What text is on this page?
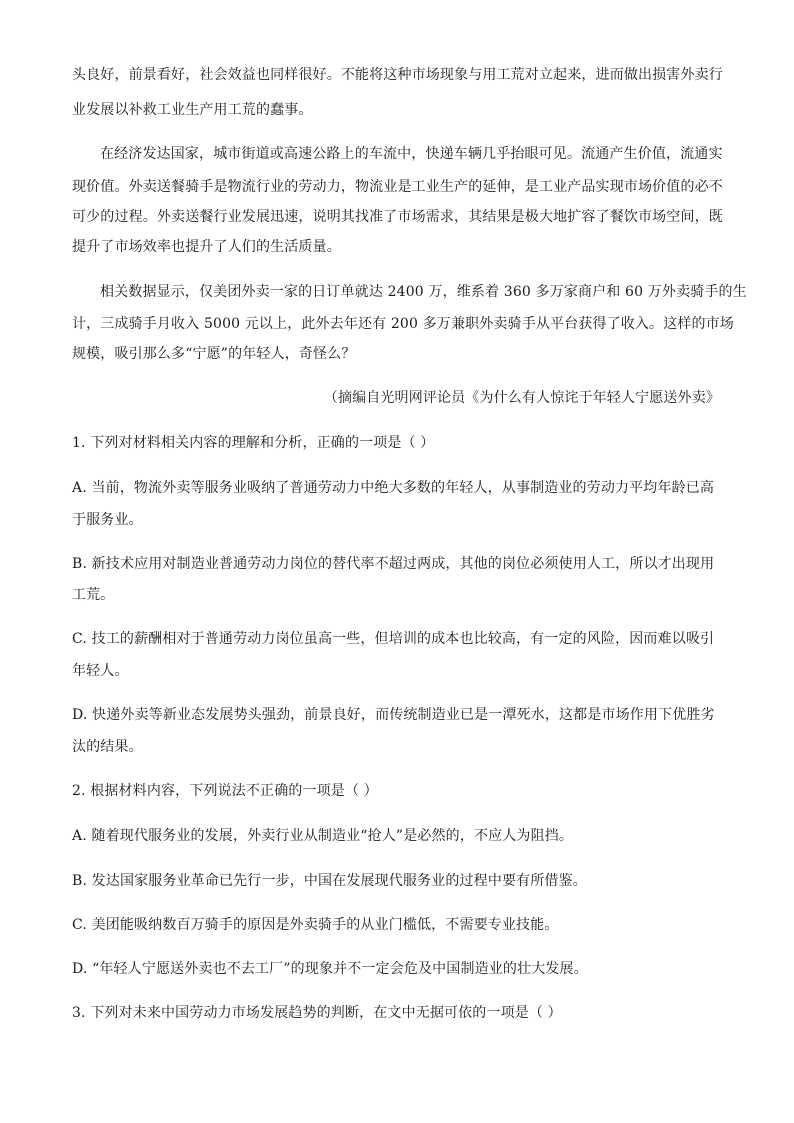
头良好，前景看好，社会效益也同样很好。不能将这种市场现象与用工荒对立起来，进而做出损害外卖行
业发展以补救工业生产用工荒的蠢事。
在经济发达国家，城市街道或高速公路上的车流中，快递车辆几乎抬眼可见。流通产生价值，流通实
现价值。外卖送餐骑手是物流行业的劳动力，物流业是工业生产的延伸，是工业产品实现市场价值的必不
可少的过程。外卖送餐行业发展迅速，说明其找准了市场需求，其结果是极大地扩容了餐饮市场空间，既
提升了市场效率也提升了人们的生活质量。
相关数据显示，仅美团外卖一家的日订单就达 2400 万，维系着 360 多万家商户和 60 万外卖骑手的生
计，三成骑手月收入 5000 元以上，此外去年还有 200 多万兼职外卖骑手从平台获得了收入。这样的市场
规模，吸引那么多“宁愿”的年轻人，奇怪么？
（摘编自光明网评论员《为什么有人惊诧于年轻人宁愿送外卖》
1. 下列对材料相关内容的理解和分析，正确的一项是（ ）
A. 当前，物流外卖等服务业吸纳了普通劳动力中绝大多数的年轻人，从事制造业的劳动力平均年龄已高
于服务业。
B. 新技术应用对制造业普通劳动力岗位的替代率不超过两成，其他的岗位必须使用人工，所以才出现用
工荒。
C. 技工的薪酬相对于普通劳动力岗位虽高一些，但培训的成本也比较高，有一定的风险，因而难以吸引
年轻人。
D. 快递外卖等新业态发展势头强劲，前景良好，而传统制造业已是一潭死水，这都是市场作用下优胜劣
汰的结果。
2. 根据材料内容，下列说法不正确的一项是（ ）
A. 随着现代服务业的发展，外卖行业从制造业“抢人”是必然的，不应人为阻挡。
B. 发达国家服务业革命已先行一步，中国在发展现代服务业的过程中要有所借鉴。
C. 美团能吸纳数百万骑手的原因是外卖骑手的从业门槛低，不需要专业技能。
D. “年轻人宁愿送外卖也不去工厂”的现象并不一定会危及中国制造业的壮大发展。
3. 下列对未来中国劳动力市场发展趋势的判断，在文中无据可依的一项是（ ）
